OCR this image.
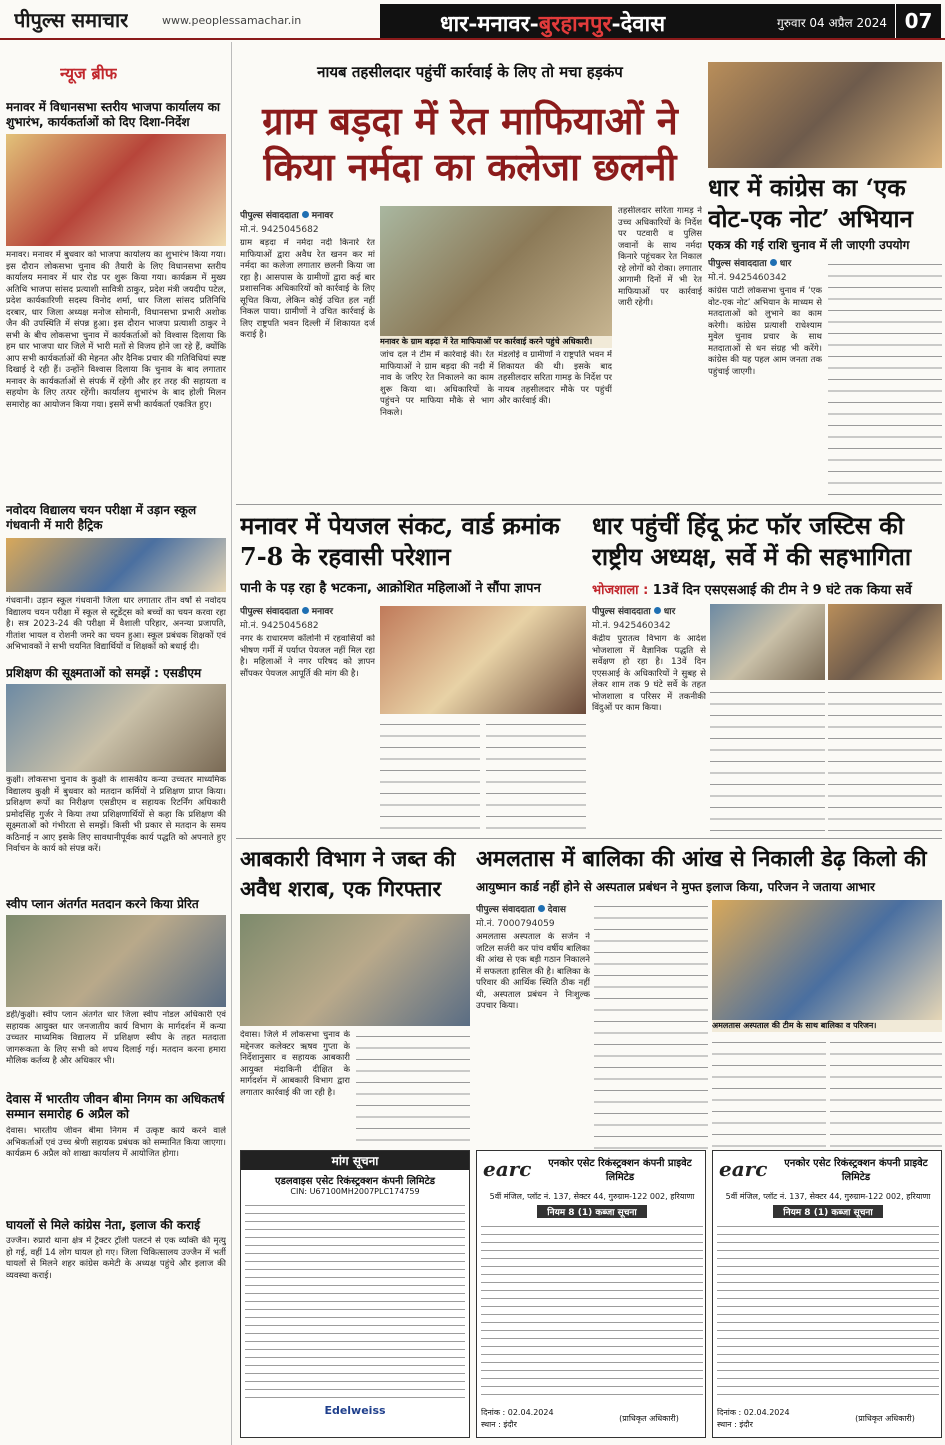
पीपुल्स समाचार	www.peoplessamachar.in	धार-मनावर-बुरहानपुर-देवास	गुरुवार 04 अप्रैल 2024 07
न्यूज ब्रीफ
मनावर में विधानसभा स्तरीय भाजपा कार्यालय का शुभारंभ, कार्यकर्ताओं को दिए दिशा-निर्देश
मनावर। मनावर में बुधवार को भाजपा कार्यालय का शुभारंभ किया गया। इस दौरान लोकसभा चुनाव की तैयारी के लिए विधानसभा स्तरीय कार्यालय मनावर में धार रोड पर शुरू किया गया। कार्यक्रम में मुख्य अतिथि भाजपा सांसद प्रत्याशी सावित्री ठाकुर, प्रदेश मंत्री जयदीप पटेल, प्रदेश कार्यकारिणी सदस्य विनोद शर्मा, धार जिला सांसद प्रतिनिधि दरबार, धार जिला अध्यक्ष मनोज सोमानी, विधानसभा प्रभारी अशोक जैन की उपस्थिति में संपन्न हुआ। इस दौरान भाजपा प्रत्याशी ठाकुर ने सभी के बीच लोकसभा चुनाव में कार्यकर्ताओं को विश्वास दिलाया कि हम धार भाजपा धार जिले में भारी मतों से विजय होने जा रहे हैं, क्योंकि आप सभी कार्यकर्ताओं की मेहनत और दैनिक प्रचार की गतिविधियां स्पष्ट दिखाई दे रही हैं। उन्होंने विश्वास दिलाया कि चुनाव के बाद लगातार मनावर के कार्यकर्ताओं से संपर्क में रहेंगी और हर तरह की सहायता व सहयोग के लिए तत्पर रहेंगी। कार्यालय शुभारंभ के बाद होली मिलन समारोह का आयोजन किया गया। इसमें सभी कार्यकर्ता एकत्रित हुए।
नवोदय विद्यालय चयन परीक्षा में उड़ान स्कूल गंधवानी में मारी हैट्रिक
गंधवानी। उड़ान स्कूल गंधवानी जिला धार लगातार तीन वर्षों से नवोदय विद्यालय चयन परीक्षा में स्कूल से स्टूडेंट्स को बच्चों का चयन करवा रहा है। सत्र 2023-24 की परीक्षा में वैशाली परिहार, अनन्या प्रजापति, गीतांश भायल व रोशनी जमरे का चयन हुआ। स्कूल प्रबंधक शिक्षकों एवं अभिभावकों ने सभी चयनित विद्यार्थियों व शिक्षकों को बधाई दी।
प्रशिक्षण की सूक्ष्मताओं को समझें : एसडीएम
कुक्षी। लोकसभा चुनाव के कुक्षी के शासकीय कन्या उच्चतर माध्यमिक विद्यालय कुक्षी में बुधवार को मतदान कर्मियों ने प्रशिक्षण प्राप्त किया। प्रशिक्षण रूपों का निरीक्षण एसडीएम व सहायक रिटर्निंग अधिकारी प्रमोदसिंह गुर्जर ने किया तथा प्रशिक्षणार्थियों से कहा कि प्रशिक्षण की सूक्ष्मताओं को गंभीरता से समझें। किसी भी प्रकार से मतदान के समय कठिनाई न आए इसके लिए सावधानीपूर्वक कार्य पद्धति को अपनाते हुए निर्वाचन के कार्य को संपन्न करें।
स्वीप प्लान अंतर्गत मतदान करने किया प्रेरित
डही/कुक्षी। स्वीप प्लान अंतर्गत धार जिला स्वीप नोडल अधिकारी एवं सहायक आयुक्त धार जनजातीय कार्य विभाग के मार्गदर्शन में कन्या उच्चतर माध्यमिक विद्यालय में प्रशिक्षण स्वीप के तहत मतदाता जागरूकता के लिए सभी को शपथ दिलाई गई। मतदान करना हमारा मौलिक कर्तव्य है और अधिकार भी।
देवास में भारतीय जीवन बीमा निगम का अधिकतर्ष सम्मान समारोह 6 अप्रैल को
देवास। भारतीय जीवन बीमा निगम में उत्कृष्ट कार्य करने वाले अभिकर्ताओं एवं उच्च श्रेणी सहायक प्रबंधक को सम्मानित किया जाएगा। कार्यक्रम 6 अप्रैल को शाखा कार्यालय में आयोजित होगा।
घायलों से मिले कांग्रेस नेता, इलाज की कराई
उज्जैन। रुप्रारो थाना क्षेत्र में ट्रैक्टर ट्रॉली पलटने से एक व्यक्ति की मृत्यु हो गई, वहीं 14 लोग घायल हो गए। जिला चिकित्सालय उज्जैन में भर्ती घायलों से मिलने शहर कांग्रेस कमेटी के अध्यक्ष पहुंचे और इलाज की व्यवस्था कराई।
नायब तहसीलदार पहुंचीं कार्रवाई के लिए तो मचा हड़कंप
ग्राम बड़दा में रेत माफियाओं ने किया नर्मदा का कलेजा छलनी
पीपुल्स संवाददाता मनावर
मो.नं. 9425045682
ग्राम बड़दा में नर्मदा नदी किनारे रेत माफियाओं द्वारा अवैध रेत खनन कर मां नर्मदा का कलेजा लगातार छलनी किया जा रहा है। आसपास के ग्रामीणों द्वारा कई बार प्रशासनिक अधिकारियों को कार्रवाई के लिए सूचित किया, लेकिन कोई उचित हल नहीं निकल पाया। ग्रामीणों ने उचित कार्रवाई के लिए राष्ट्रपति भवन दिल्ली में शिकायत दर्ज कराई है।
मनावर के ग्राम बड़दा में रेत माफियाओं पर कार्रवाई करने पहुंचे अधिकारी।
जांच दल ने टीम में कार्रवाई की। रेत माफियाओं ने ग्राम बड़दा की नदी में नाव के जरिए रेत निकालने का काम शुरू किया था। अधिकारियों के पहुंचने पर माफिया मौके से भाग निकले।
मंडलोई व ग्रामीणों ने राष्ट्रपति भवन में शिकायत की थी। इसके बाद तहसीलदार सरिता गामड़ के निर्देश पर नायब तहसीलदार मौके पर पहुंचीं और कार्रवाई की।
तहसीलदार सरिता गामड़ ने उच्च अधिकारियों के निर्देश पर पटवारी व पुलिस जवानों के साथ नर्मदा किनारे पहुंचकर रेत निकाल रहे लोगों को रोका। लगातार आगामी दिनों में भी रेत माफियाओं पर कार्रवाई जारी रहेगी।
धार में कांग्रेस का ‘एक वोट-एक नोट’ अभियान
एकत्र की गई राशि चुनाव में ली जाएगी उपयोग
पीपुल्स संवाददाता धार
मो.नं. 9425460342
कांग्रेस पार्टी लोकसभा चुनाव में ‘एक वोट-एक नोट’ अभियान के माध्यम से मतदाताओं को लुभाने का काम करेगी। कांग्रेस प्रत्याशी राधेश्याम मुवेल चुनाव प्रचार के साथ मतदाताओं से धन संग्रह भी करेंगे। कांग्रेस की यह पहल आम जनता तक पहुंचाई जाएगी।
मनावर में पेयजल संकट, वार्ड क्रमांक 7-8 के रहवासी परेशान
पानी के पड़ रहा है भटकना, आक्रोशित महिलाओं ने सौंपा ज्ञापन
पीपुल्स संवाददाता मनावर
मो.नं. 9425045682
नगर के राधारमण कॉलोनी में रहवासियों को भीषण गर्मी में पर्याप्त पेयजल नहीं मिल रहा है। महिलाओं ने नगर परिषद को ज्ञापन सौंपकर पेयजल आपूर्ति की मांग की है।
धार पहुंचीं हिंदू फ्रंट फॉर जस्टिस की राष्ट्रीय अध्यक्ष, सर्वे में की सहभागिता
भोजशाला : 13वें दिन एसएसआई की टीम ने 9 घंटे तक किया सर्वे
पीपुल्स संवाददाता धार
मो.नं. 9425460342
केंद्रीय पुरातत्व विभाग के आदेश भोजशाला में वैज्ञानिक पद्धति से सर्वेक्षण हो रहा है। 13वें दिन एएसआई के अधिकारियों ने सुबह से लेकर शाम तक 9 घंटे सर्वे के तहत भोजशाला व परिसर में तकनीकी विंदुओं पर काम किया।
आबकारी विभाग ने जब्त की अवैध शराब, एक गिरफ्तार
देवास। जिले में लोकसभा चुनाव के मद्देनजर कलेक्टर ऋषव गुप्ता के निर्देशानुसार व सहायक आबकारी आयुक्त मंदाकिनी दीक्षित के मार्गदर्शन में आबकारी विभाग द्वारा लगातार कार्रवाई की जा रही है।
अमलतास में बालिका की आंख से निकाली डेढ़ किलो की
आयुष्मान कार्ड नहीं होने से अस्पताल प्रबंधन ने मुफ्त इलाज किया, परिजन ने जताया आभार
पीपुल्स संवाददाता देवास
मो.नं. 7000794059
अमलतास अस्पताल के सर्जन ने जटिल सर्जरी कर पांच वर्षीय बालिका की आंख से एक बड़ी गठान निकालने में सफलता हासिल की है। बालिका के परिवार की आर्थिक स्थिति ठीक नहीं थी, अस्पताल प्रबंधन ने निःशुल्क उपचार किया।
अमलतास अस्पताल की टीम के साथ बालिका व परिजन।
मांग सूचना
एडलवाइस एसेट रिकंस्ट्रक्शन कंपनी लिमिटेड
CIN: U67100MH2007PLC174759
Edelweiss
earc	एनकोर एसेट रिकंस्ट्रक्शन कंपनी प्राइवेट लिमिटेड
5वीं मंजिल, प्लॉट नं. 137, सेक्टर 44, गुरुग्राम-122 002, हरियाणा
नियम 8 (1) कब्जा सूचना
दिनांक : 02.04.2024
स्थान : इंदौर
(प्राधिकृत अधिकारी)
earc	एनकोर एसेट रिकंस्ट्रक्शन कंपनी प्राइवेट लिमिटेड
5वीं मंजिल, प्लॉट नं. 137, सेक्टर 44, गुरुग्राम-122 002, हरियाणा
नियम 8 (1) कब्जा सूचना
दिनांक : 02.04.2024
स्थान : इंदौर
(प्राधिकृत अधिकारी)
